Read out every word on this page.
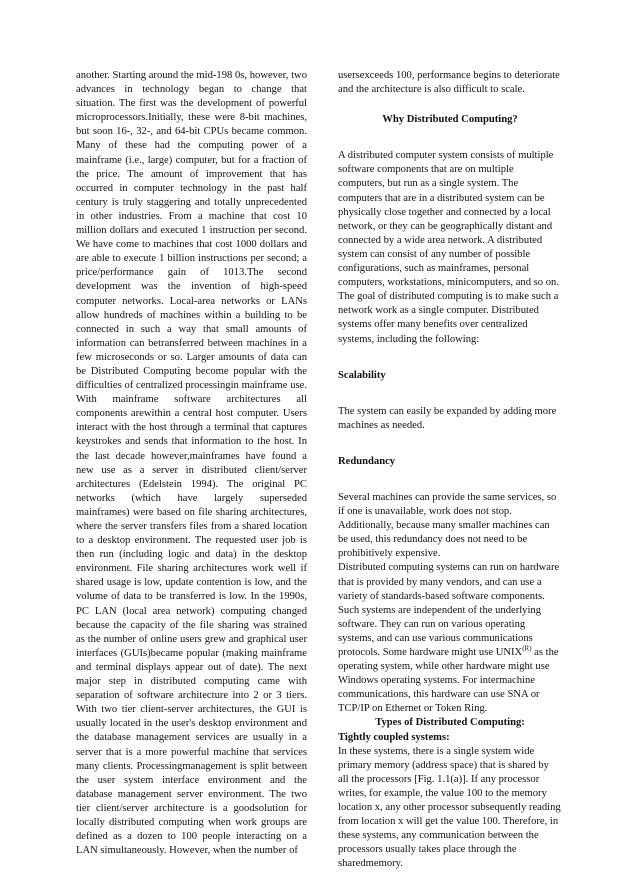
another. Starting around the mid-198 0s, however, two advances in technology began to change that situation. The first was the development of powerful microprocessors.Initially, these were 8-bit machines, but soon 16-, 32-, and 64-bit CPUs became common. Many of these had the computing power of a mainframe (i.e., large) computer, but for a fraction of the price. The amount of improvement that has occurred in computer technology in the past half century is truly staggering and totally unprecedented in other industries. From a machine that cost 10 million dollars and executed 1 instruction per second. We have come to machines that cost 1000 dollars and are able to execute 1 billion instructions per second; a price/performance gain of 1013.The second development was the invention of high-speed computer networks. Local-area networks or LANs allow hundreds of machines within a building to be connected in such a way that small amounts of information can betransferred between machines in a few microseconds or so. Larger amounts of data can be Distributed Computing become popular with the difficulties of centralized processingin mainframe use. With mainframe software architectures all components arewithin a central host computer. Users interact with the host through a terminal that captures keystrokes and sends that information to the host. In the last decade however,mainframes have found a new use as a server in distributed client/server architectures (Edelstein 1994). The original PC networks (which have largely superseded mainframes) were based on file sharing architectures, where the server transfers files from a shared location to a desktop environment. The requested user job is then run (including logic and data) in the desktop environment. File sharing architectures work well if shared usage is low, update contention is low, and the volume of data to be transferred is low. In the 1990s, PC LAN (local area network) computing changed because the capacity of the file sharing was strained as the number of online users grew and graphical user interfaces (GUIs)became popular (making mainframe and terminal displays appear out of date). The next major step in distributed computing came with separation of software architecture into 2 or 3 tiers. With two tier client-server architectures, the GUI is usually located in the user's desktop environment and the database management services are usually in a server that is a more powerful machine that services many clients. Processingmanagement is split between the user system interface environment and the database management server environment. The two tier client/server architecture is a goodsolution for locally distributed computing when work groups are defined as a dozen to 100 people interacting on a LAN simultaneously. However, when the number of

usersexceeds 100, performance begins to deteriorate and the architecture is also difficult to scale.

Why Distributed Computing?

A distributed computer system consists of multiple software components that are on multiple computers, but run as a single system. The computers that are in a distributed system can be physically close together and connected by a local network, or they can be geographically distant and connected by a wide area network. A distributed system can consist of any number of possible configurations, such as mainframes, personal computers, workstations, minicomputers, and so on. The goal of distributed computing is to make such a network work as a single computer. Distributed systems offer many benefits over centralized systems, including the following:

Scalability

The system can easily be expanded by adding more machines as needed.

Redundancy

Several machines can provide the same services, so if one is unavailable, work does not stop. Additionally, because many smaller machines can be used, this redundancy does not need to be prohibitively expensive.

Distributed computing systems can run on hardware that is provided by many vendors, and can use a variety of standards-based software components. Such systems are independent of the underlying software. They can run on various operating systems, and can use various communications protocols. Some hardware might use $UNIX^{(R)}$ as the operating system, while other hardware might use Windows operating systems. For intermachine communications, this hardware can use SNA or TCP/IP on Ethernet or Token Ring.

Types of Distributed Computing:

Tightly coupled systems:

In these systems, there is a single system wide primary memory (address space) that is shared by all the processors [Fig. 1.1(a)]. If any processor writes, for example, the value 100 to the memory location x, any other processor subsequently reading from location x will get the value 100. Therefore, in these systems, any communication between the processors usually takes place through the sharedmemory.
